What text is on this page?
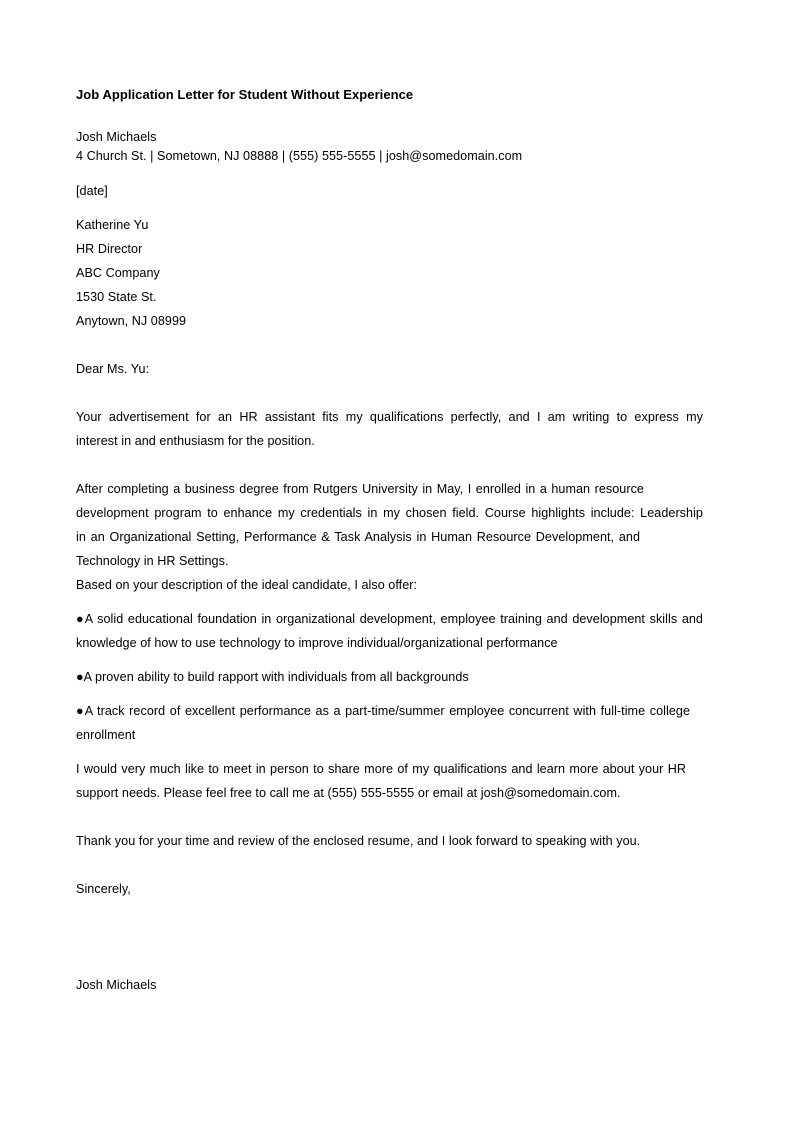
Job Application Letter for Student Without Experience
Josh Michaels
4 Church St. | Sometown, NJ 08888 | (555) 555-5555 | josh@somedomain.com
[date]
Katherine Yu
HR Director
ABC Company
1530 State St.
Anytown, NJ 08999
Dear Ms. Yu:
Your advertisement for an HR assistant fits my qualifications perfectly, and I am writing to express my
interest in and enthusiasm for the position.
After completing a business degree from Rutgers University in May, I enrolled in a human resource
development program to enhance my credentials in my chosen field. Course highlights include: Leadership
in an Organizational Setting, Performance & Task Analysis in Human Resource Development, and
Technology in HR Settings.
Based on your description of the ideal candidate, I also offer:
●A solid educational foundation in organizational development, employee training and development skills and
knowledge of how to use technology to improve individual/organizational performance
●A proven ability to build rapport with individuals from all backgrounds
●A track record of excellent performance as a part-time/summer employee concurrent with full-time college
enrollment
I would very much like to meet in person to share more of my qualifications and learn more about your HR
support needs. Please feel free to call me at (555) 555-5555 or email at josh@somedomain.com.
Thank you for your time and review of the enclosed resume, and I look forward to speaking with you.
Sincerely,
Josh Michaels
